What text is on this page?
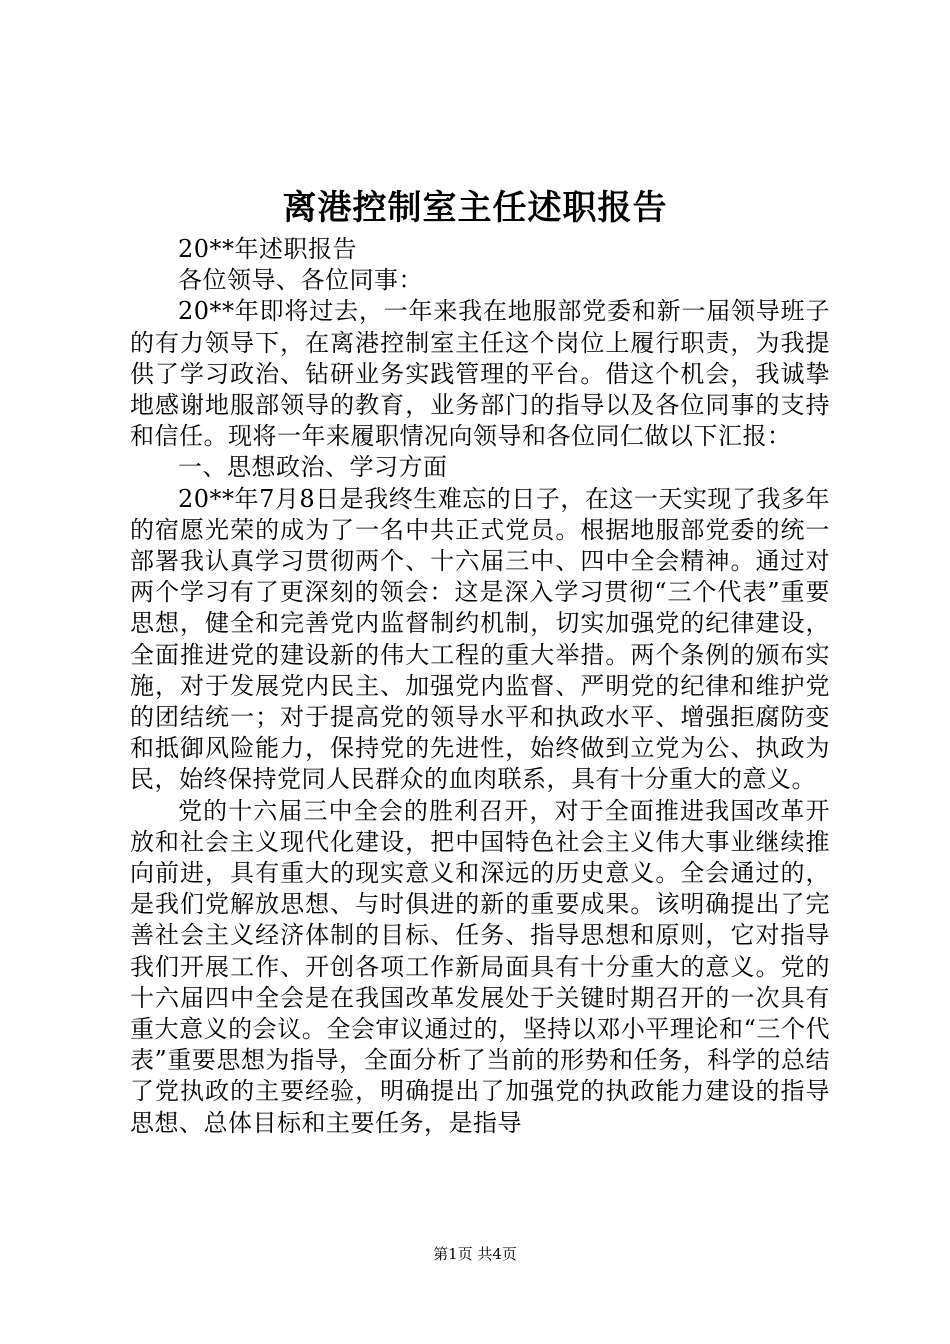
离港控制室主任述职报告

20**年述职报告

各位领导、各位同事：

20**年即将过去，一年来我在地服部党委和新一届领导班子的有力领导下，在离港控制室主任这个岗位上履行职责，为我提供了学习政治、钻研业务实践管理的平台。借这个机会，我诚挚地感谢地服部领导的教育，业务部门的指导以及各位同事的支持和信任。现将一年来履职情况向领导和各位同仁做以下汇报：

一、思想政治、学习方面

20**年7月8日是我终生难忘的日子，在这一天实现了我多年的宿愿光荣的成为了一名中共正式党员。根据地服部党委的统一部署我认真学习贯彻两个、十六届三中、四中全会精神。通过对两个学习有了更深刻的领会：这是深入学习贯彻“三个代表”重要思想，健全和完善党内监督制约机制，切实加强党的纪律建设，全面推进党的建设新的伟大工程的重大举措。两个条例的颁布实施，对于发展党内民主、加强党内监督、严明党的纪律和维护党的团结统一；对于提高党的领导水平和执政水平、增强拒腐防变和抵御风险能力，保持党的先进性，始终做到立党为公、执政为民，始终保持党同人民群众的血肉联系，具有十分重大的意义。

党的十六届三中全会的胜利召开，对于全面推进我国改革开放和社会主义现代化建设，把中国特色社会主义伟大事业继续推向前进，具有重大的现实意义和深远的历史意义。全会通过的，是我们党解放思想、与时俱进的新的重要成果。该明确提出了完善社会主义经济体制的目标、任务、指导思想和原则，它对指导我们开展工作、开创各项工作新局面具有十分重大的意义。党的十六届四中全会是在我国改革发展处于关键时期召开的一次具有重大意义的会议。全会审议通过的，坚持以邓小平理论和“三个代表”重要思想为指导，全面分析了当前的形势和任务，科学的总结了党执政的主要经验，明确提出了加强党的执政能力建设的指导思想、总体目标和主要任务，是指导

第1页 共4页
